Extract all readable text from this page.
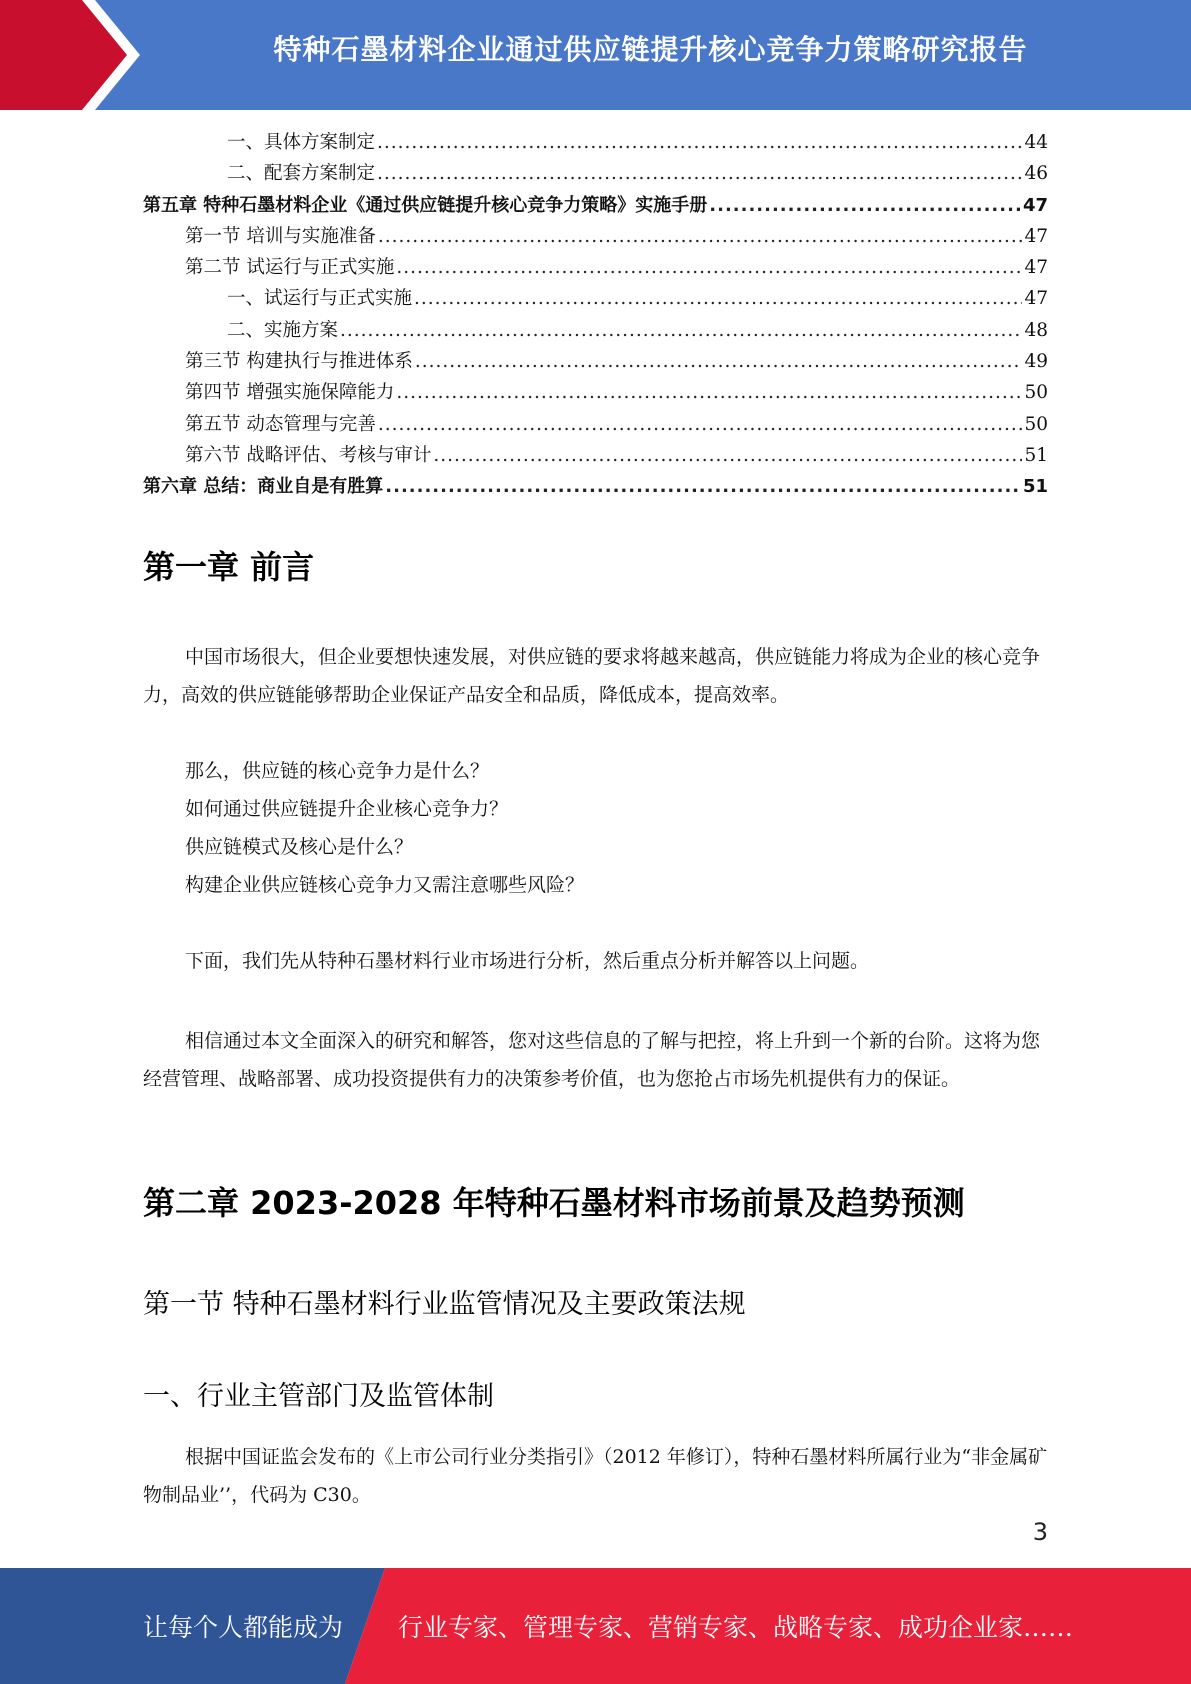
特种石墨材料企业通过供应链提升核心竞争力策略研究报告
一、具体方案制定 .....	44
二、配套方案制定 .....	46
第五章 特种石墨材料企业《通过供应链提升核心竞争力策略》实施手册 .....	47
第一节 培训与实施准备 .....	47
第二节 试运行与正式实施 .....	47
一、试运行与正式实施 .....	47
二、实施方案 .....	48
第三节 构建执行与推进体系 .....	49
第四节 增强实施保障能力 .....	50
第五节 动态管理与完善 .....	50
第六节 战略评估、考核与审计 .....	51
第六章 总结：商业自是有胜算 .....	51
第一章 前言

中国市场很大，但企业要想快速发展，对供应链的要求将越来越高，供应链能力将成为企业的核心竞争力，高效的供应链能够帮助企业保证产品安全和品质，降低成本，提高效率。

那么，供应链的核心竞争力是什么？
如何通过供应链提升企业核心竞争力？
供应链模式及核心是什么？
构建企业供应链核心竞争力又需注意哪些风险？

下面，我们先从特种石墨材料行业市场进行分析，然后重点分析并解答以上问题。

相信通过本文全面深入的研究和解答，您对这些信息的了解与把控，将上升到一个新的台阶。这将为您经营管理、战略部署、成功投资提供有力的决策参考价值，也为您抢占市场先机提供有力的保证。

第二章 2023-2028 年特种石墨材料市场前景及趋势预测
第一节 特种石墨材料行业监管情况及主要政策法规
一、行业主管部门及监管体制

根据中国证监会发布的《上市公司行业分类指引》（2012 年修订），特种石墨材料所属行业为“非金属矿物制品业’’，代码为 C30。

3
让每个人都能成为 行业专家、管理专家、营销专家、战略专家、成功企业家……
